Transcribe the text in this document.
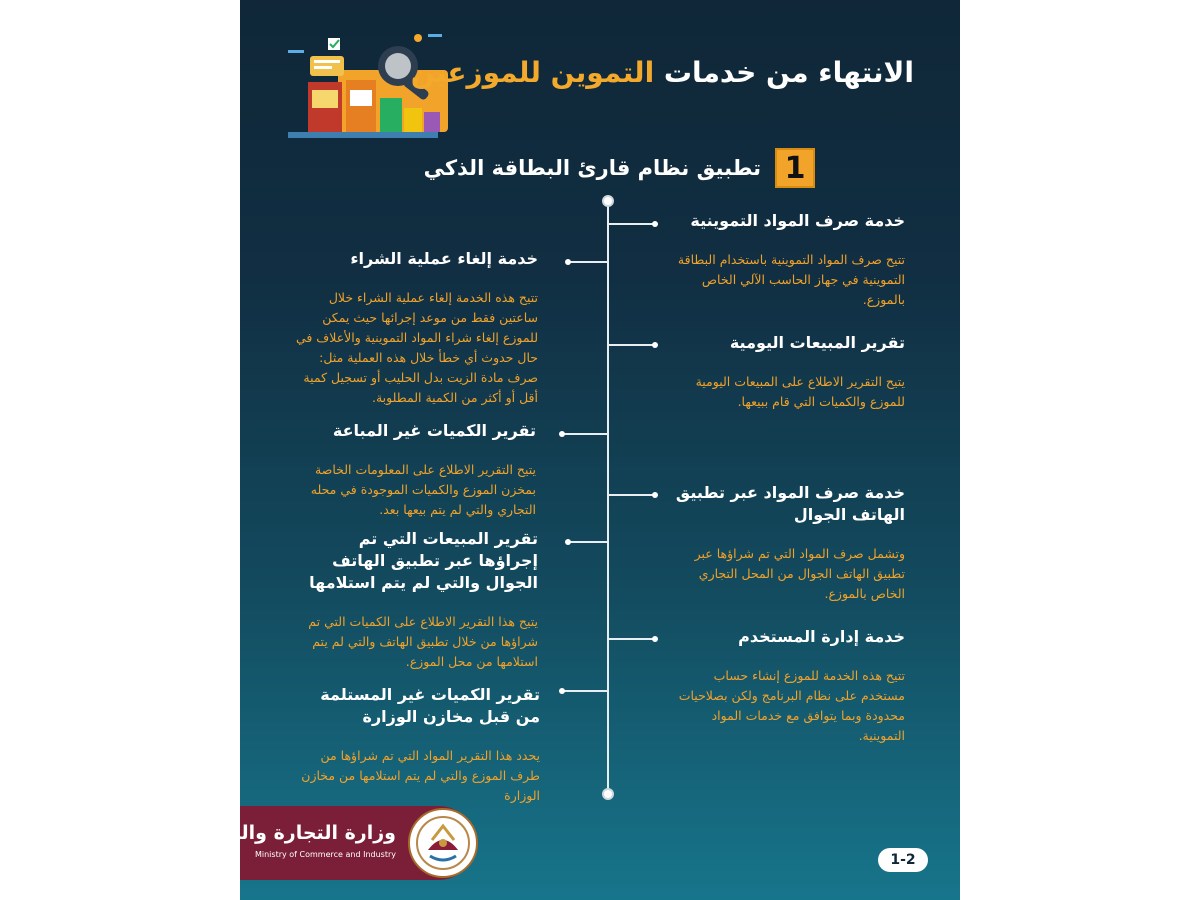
الانتهاء من خدمات التموين للموزعين
1
تطبيق نظام قارئ البطاقة الذكي
خدمة صرف المواد التموينية
تتيح صرف المواد التموينية باستخدام البطاقة التموينية في جهاز الحاسب الآلي الخاص بالموزع.
خدمة إلغاء عملية الشراء
تتيح هذه الخدمة إلغاء عملية الشراء خلال ساعتين فقط من موعد إجرائها حيث يمكن للموزع إلغاء شراء المواد التموينية والأعلاف في حال حدوث أي خطأ خلال هذه العملية مثل: صرف مادة الزيت بدل الحليب أو تسجيل كمية أقل أو أكثر من الكمية المطلوبة.
تقرير المبيعات اليومية
يتيح التقرير الاطلاع على المبيعات اليومية للموزع والكميات التي قام ببيعها.
تقرير الكميات غير المباعة
يتيح التقرير الاطلاع على المعلومات الخاصة بمخزن الموزع والكميات الموجودة في محله التجاري والتي لم يتم بيعها بعد.
خدمة صرف المواد عبر تطبيق الهاتف الجوال
وتشمل صرف المواد التي تم شراؤها عبر تطبيق الهاتف الجوال من المحل التجاري الخاص بالموزع.
تقرير المبيعات التي تم إجراؤها عبر تطبيق الهاتف الجوال والتي لم يتم استلامها
يتيح هذا التقرير الاطلاع على الكميات التي تم شراؤها من خلال تطبيق الهاتف والتي لم يتم استلامها من محل الموزع.
خدمة إدارة المستخدم
تتيح هذه الخدمة للموزع إنشاء حساب مستخدم على نظام البرنامج ولكن بصلاحيات محدودة وبما يتوافق مع خدمات المواد التموينية.
تقرير الكميات غير المستلمة من قبل مخازن الوزارة
يحدد هذا التقرير المواد التي تم شراؤها من طرف الموزع والتي لم يتم استلامها من مخازن الوزارة
وزارة التجارة والصناعة
Ministry of Commerce and Industry	1-2
